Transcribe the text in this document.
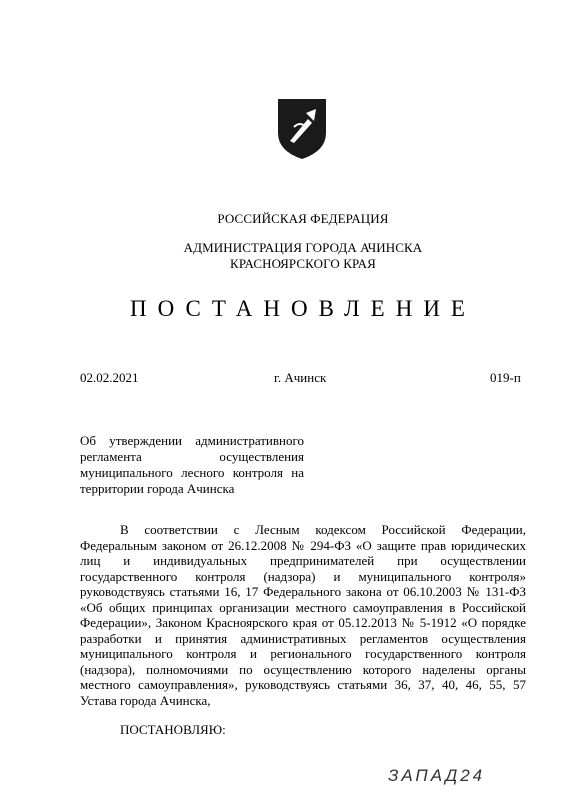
РОССИЙСКАЯ ФЕДЕРАЦИЯ
АДМИНИСТРАЦИЯ ГОРОДА АЧИНСКА
КРАСНОЯРСКОГО КРАЯ
ПОСТАНОВЛЕНИЕ
02.02.2021	г. Ачинск	019-п
Об утверждении административного регламента осуществления муниципального лесного контроля на территории города Ачинска
В соответствии с Лесным кодексом Российской Федерации, Федеральным законом от 26.12.2008 № 294-ФЗ «О защите прав юридических лиц и индивидуальных предпринимателей при осуществлении государственного контроля (надзора) и муниципального контроля» руководствуясь статьями 16, 17 Федерального закона от 06.10.2003 № 131-ФЗ «Об общих принципах организации местного самоуправления в Российской Федерации», Законом Красноярского края от 05.12.2013 № 5-1912 «О порядке разработки и принятия административных регламентов осуществления муниципального контроля и регионального государственного контроля (надзора), полномочиями по осуществлению которого наделены органы местного самоуправления», руководствуясь статьями 36, 37, 40, 46, 55, 57 Устава города Ачинска,
ПОСТАНОВЛЯЮ:
ЗАПАД24
